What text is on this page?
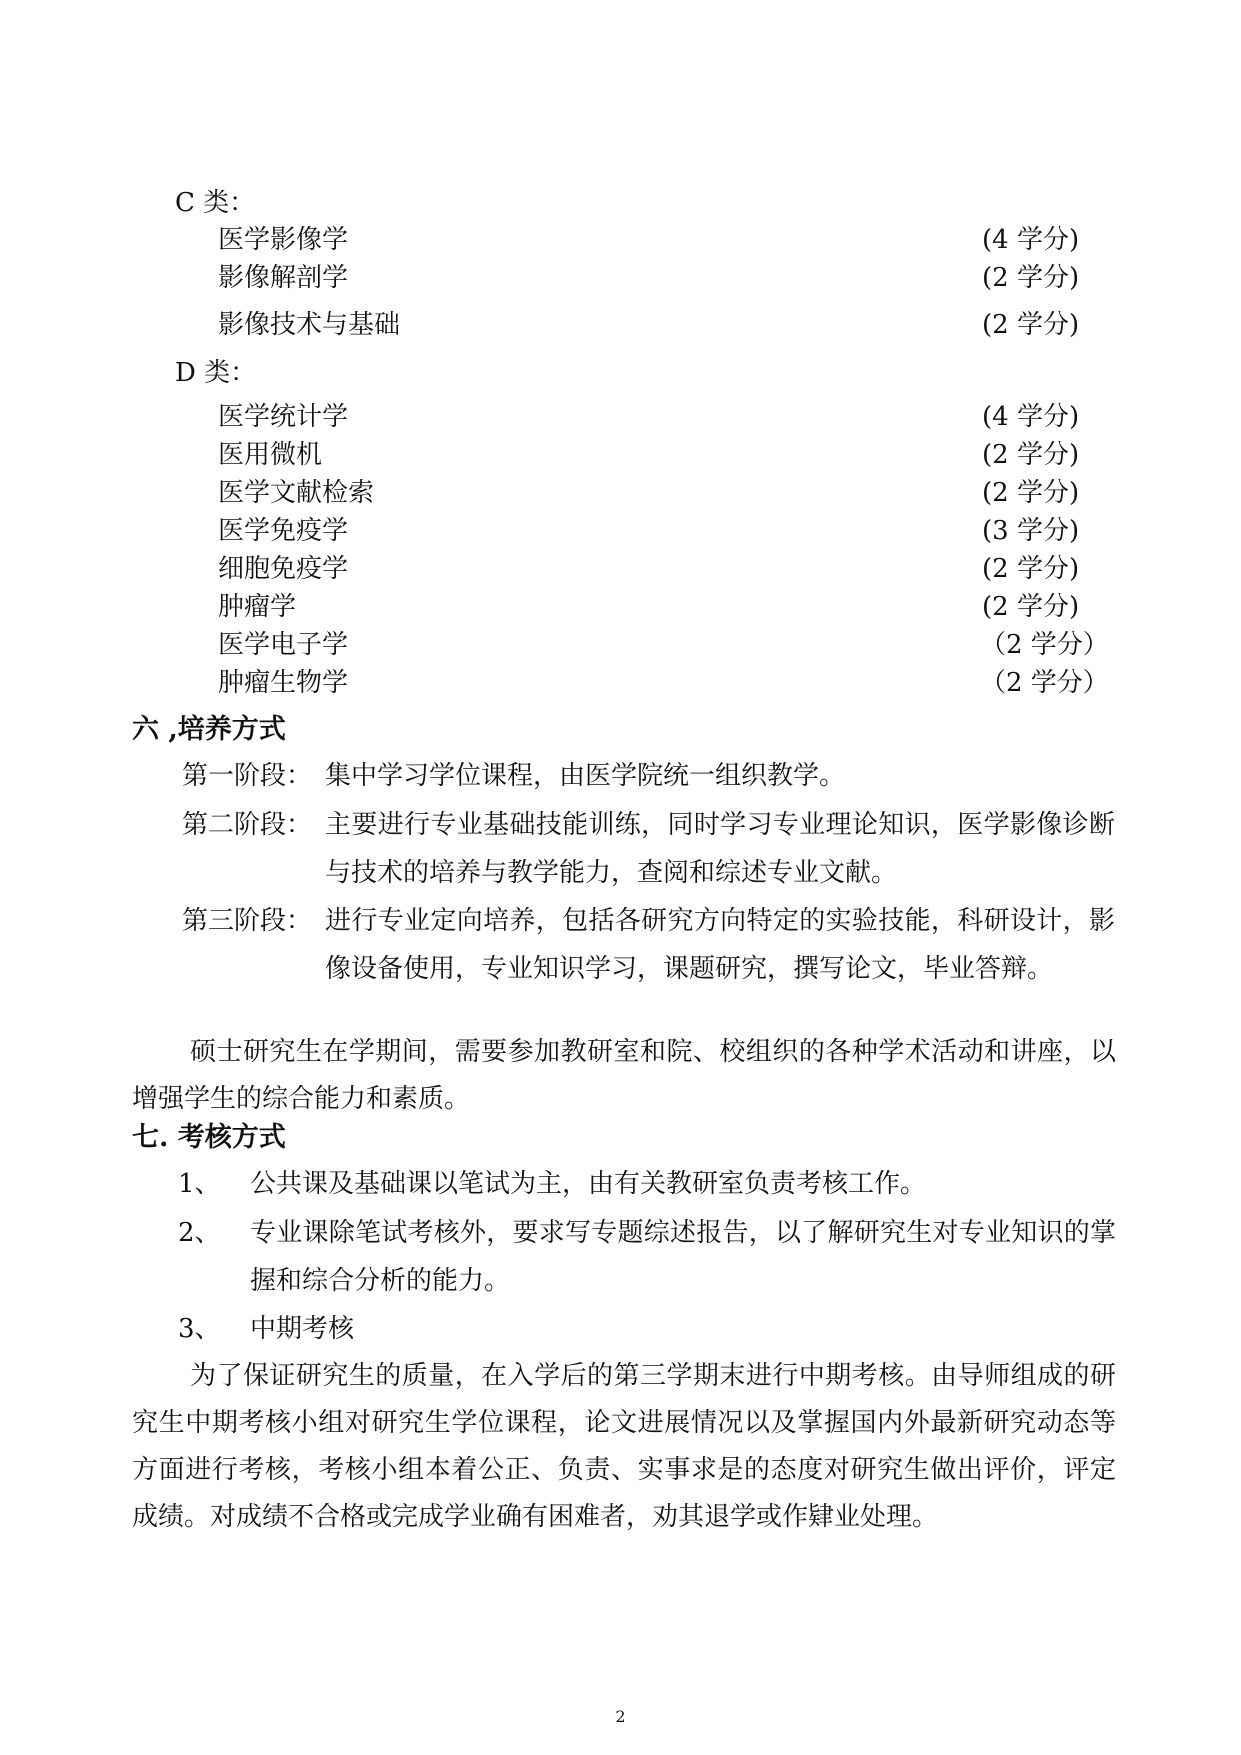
C 类：
医学影像学	(4 学分)
影像解剖学	(2 学分)
影像技术与基础	(2 学分)
D 类：
医学统计学	(4 学分)
医用微机	(2 学分)
医学文献检索	(2 学分)
医学免疫学	(3 学分)
细胞免疫学	(2 学分)
肿瘤学	(2 学分)
医学电子学	（2 学分）
肿瘤生物学	（2 学分）
六 ,培养方式
第一阶段： 集中学习学位课程，由医学院统一组织教学。
第二阶段： 主要进行专业基础技能训练，同时学习专业理论知识，医学影像诊断与技术的培养与教学能力，查阅和综述专业文献。
第三阶段： 进行专业定向培养，包括各研究方向特定的实验技能，科研设计，影像设备使用，专业知识学习，课题研究，撰写论文，毕业答辩。
硕士研究生在学期间，需要参加教研室和院、校组织的各种学术活动和讲座，以增强学生的综合能力和素质。
七. 考核方式
1、 公共课及基础课以笔试为主，由有关教研室负责考核工作。
2、 专业课除笔试考核外，要求写专题综述报告，以了解研究生对专业知识的掌握和综合分析的能力。
3、 中期考核
为了保证研究生的质量，在入学后的第三学期末进行中期考核。由导师组成的研究生中期考核小组对研究生学位课程，论文进展情况以及掌握国内外最新研究动态等方面进行考核，考核小组本着公正、负责、实事求是的态度对研究生做出评价，评定成绩。对成绩不合格或完成学业确有困难者，劝其退学或作肄业处理。
2
